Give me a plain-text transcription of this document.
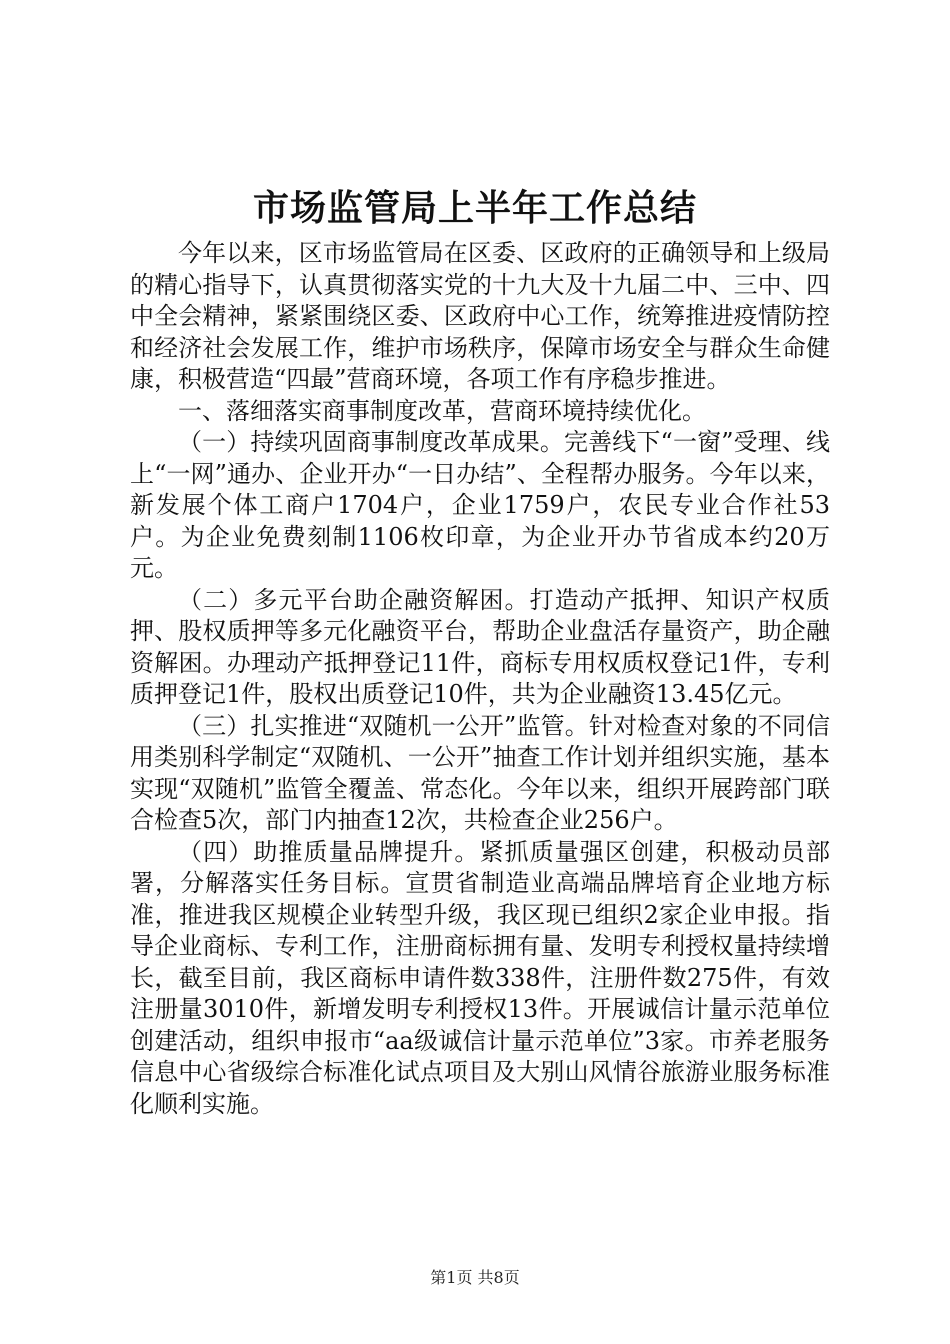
市场监管局上半年工作总结

今年以来，区市场监管局在区委、区政府的正确领导和上级局的精心指导下，认真贯彻落实党的十九大及十九届二中、三中、四中全会精神，紧紧围绕区委、区政府中心工作，统筹推进疫情防控和经济社会发展工作，维护市场秩序，保障市场安全与群众生命健康，积极营造“四最”营商环境，各项工作有序稳步推进。

一、落细落实商事制度改革，营商环境持续优化。

（一）持续巩固商事制度改革成果。完善线下“一窗”受理、线上“一网”通办、企业开办“一日办结”、全程帮办服务。今年以来，新发展个体工商户1704户，企业1759户，农民专业合作社53户。为企业免费刻制1106枚印章，为企业开办节省成本约20万元。

（二）多元平台助企融资解困。打造动产抵押、知识产权质押、股权质押等多元化融资平台，帮助企业盘活存量资产，助企融资解困。办理动产抵押登记11件，商标专用权质权登记1件，专利质押登记1件，股权出质登记10件，共为企业融资13.45亿元。

（三）扎实推进“双随机一公开”监管。针对检查对象的不同信用类别科学制定“双随机、一公开”抽查工作计划并组织实施，基本实现“双随机”监管全覆盖、常态化。今年以来，组织开展跨部门联合检查5次，部门内抽查12次，共检查企业256户。

（四）助推质量品牌提升。紧抓质量强区创建，积极动员部署，分解落实任务目标。宣贯省制造业高端品牌培育企业地方标准，推进我区规模企业转型升级，我区现已组织2家企业申报。指导企业商标、专利工作，注册商标拥有量、发明专利授权量持续增长，截至目前，我区商标申请件数338件，注册件数275件，有效注册量3010件，新增发明专利授权13件。开展诚信计量示范单位创建活动，组织申报市“aa级诚信计量示范单位”3家。市养老服务信息中心省级综合标准化试点项目及大别山风情谷旅游业服务标准化顺利实施。

第1页 共8页
